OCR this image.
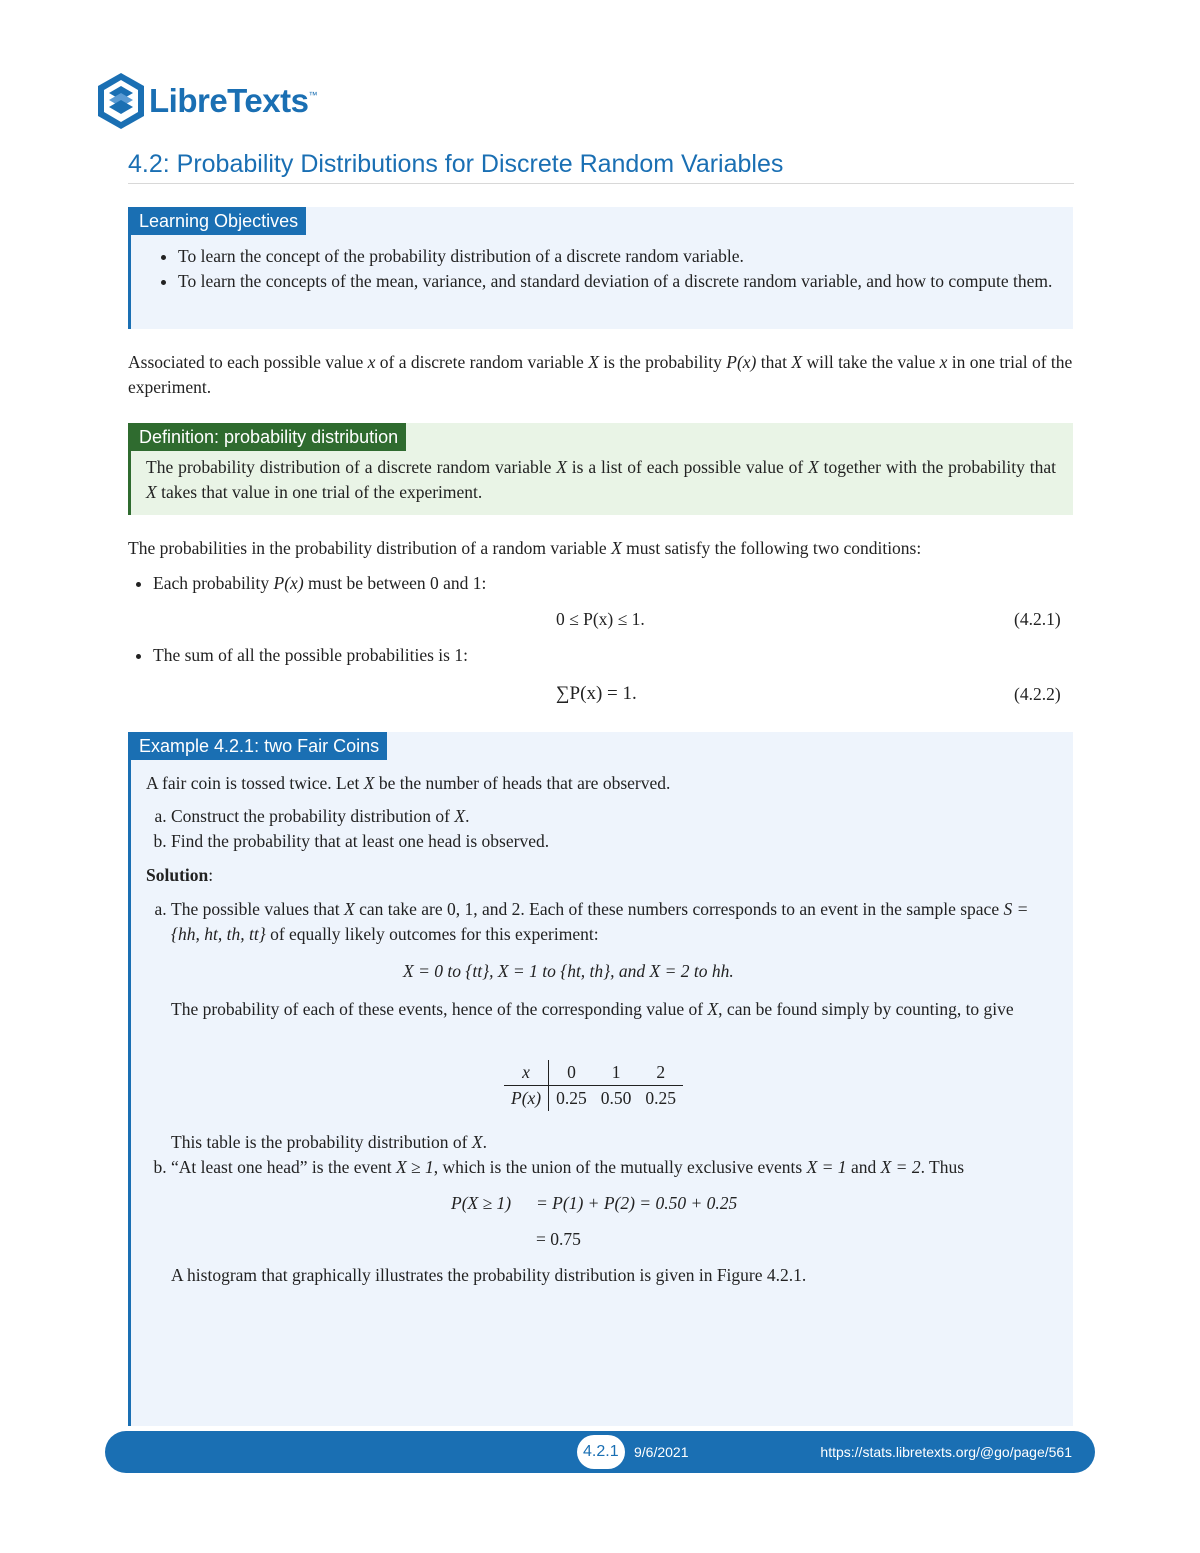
LibreTexts™
4.2: Probability Distributions for Discrete Random Variables
Learning Objectives
• To learn the concept of the probability distribution of a discrete random variable.
• To learn the concepts of the mean, variance, and standard deviation of a discrete random variable, and how to compute them.

Associated to each possible value x of a discrete random variable X is the probability P(x) that X will take the value x in one trial of the experiment.

Definition: probability distribution

The probability distribution of a discrete random variable X is a list of each possible value of X together with the probability that X takes that value in one trial of the experiment.

The probabilities in the probability distribution of a random variable X must satisfy the following two conditions:

• Each probability P(x) must be between 0 and 1:

0 ≤ P(x) ≤ 1.	(4.2.1)

• The sum of all the possible probabilities is 1:

∑P(x) = 1.	(4.2.2)

Example 4.2.1: two Fair Coins

A fair coin is tossed twice. Let X be the number of heads that are observed.

a. Construct the probability distribution of X.
b. Find the probability that at least one head is observed.

Solution:

a. The possible values that X can take are 0, 1, and 2. Each of these numbers corresponds to an event in the sample space S = {hh, ht, th, tt} of equally likely outcomes for this experiment:

X = 0 to {tt}, X = 1 to {ht, th}, and X = 2 to hh.

The probability of each of these events, hence of the corresponding value of X, can be found simply by counting, to give

x	0	1	2
P(x)	0.25	0.50	0.25

This table is the probability distribution of X.

b. “At least one head” is the event X ≥ 1, which is the union of the mutually exclusive events X = 1 and X = 2. Thus

P(X ≥ 1) = P(1) + P(2) = 0.50 + 0.25

= 0.75

A histogram that graphically illustrates the probability distribution is given in Figure 4.2.1.

4.2.1	9/6/2021	https://stats.libretexts.org/@go/page/561
